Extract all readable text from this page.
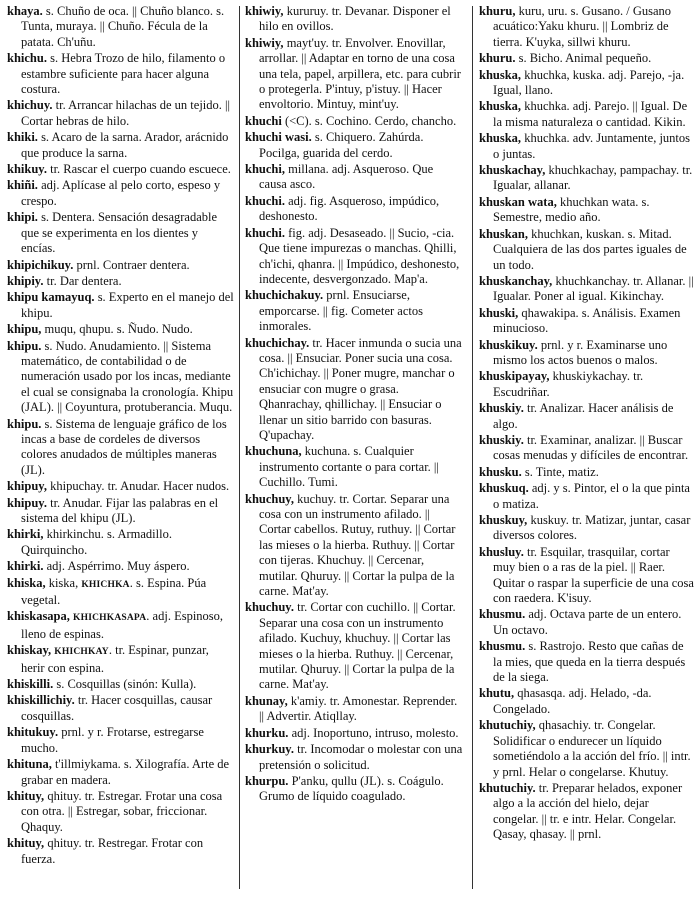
khaya. s. Chuño de oca. || Chuño blanco. s. Tunta, muraya. || Chuño. Fécula de la patata. Ch'uñu.
khichu. s. Hebra Trozo de hilo, filamento o estambre suficiente para hacer alguna costura.
khichuy. tr. Arrancar hilachas de un tejido. || Cortar hebras de hilo.
khiki. s. Acaro de la sarna. Arador, arácnido que produce la sarna.
khikuy. tr. Rascar el cuerpo cuando escuece.
khiñi. adj. Aplícase al pelo corto, espeso y crespo.
khipi. s. Dentera. Sensación desagradable que se experimenta en los dientes y encías.
khipichikuy. prnl. Contraer dentera.
khipiy. tr. Dar dentera.
khipu kamayuq. s. Experto en el manejo del khipu.
khipu, muqu, qhupu. s. Ñudo. Nudo.
khipu. s. Nudo. Anudamiento. || Sistema matemático, de contabilidad o de numeración usado por los incas, mediante el cual se consignaba la cronología. Khipu (JAL). || Coyuntura, protuberancia. Muqu.
khipu. s. Sistema de lenguaje gráfico de los incas a base de cordeles de diversos colores anudados de múltiples maneras (JL).
khipuy, khipuchay. tr. Anudar. Hacer nudos.
khipuy. tr. Anudar. Fijar las palabras en el sistema del khipu (JL).
khirki, khirkinchu. s. Armadillo. Quirquincho.
khirki. adj. Aspérrimo. Muy áspero.
khiska, kiska, KHICHKA. s. Espina. Púa vegetal.
khiskasapa, KHICHKASAPA. adj. Espinoso, lleno de espinas.
khiskay, KHICHKAY. tr. Espinar, punzar, herir con espina.
khiskilli. s. Cosquillas (sinón: Kulla).
khiskillichiy. tr. Hacer cosquillas, causar cosquillas.
khitukuy. prnl. y r. Frotarse, estregarse mucho.
khituna, t'illmiykama. s. Xilografía. Arte de grabar en madera.
khituy, qhituy. tr. Estregar. Frotar una cosa con otra. || Estregar, sobar, friccionar. Qhaquy.
khituy, qhituy. tr. Restregar. Frotar con fuerza.
khiwiy, kururuy. tr. Devanar. Disponer el hilo en ovillos.
khiwiy, mayt'uy. tr. Envolver. Enovillar, arrollar. || Adaptar en torno de una cosa una tela, papel, arpillera, etc. para cubrir o protegerla. P'intuy, p'istuy. || Hacer envoltorio. Mintuy, mint'uy.
khuchi (<C). s. Cochino. Cerdo, chancho.
khuchi wasi. s. Chiquero. Zahúrda. Pocilga, guarida del cerdo.
khuchi, millana. adj. Asqueroso. Que causa asco.
khuchi. adj. fig. Asqueroso, impúdico, deshonesto.
khuchi. fig. adj. Desaseado. || Sucio, -cia. Que tiene impurezas o manchas. Qhilli, ch'ichi, qhanra. || Impúdico, deshonesto, indecente, desvergonzado. Map'a.
khuchichakuy. prnl. Ensuciarse, emporcarse. || fig. Cometer actos inmorales.
khuchichay. tr. Hacer inmunda o sucia una cosa. || Ensuciar. Poner sucia una cosa. Ch'ichichay. || Poner mugre, manchar o ensuciar con mugre o grasa. Qhanrachay, qhillichay. || Ensuciar o llenar un sitio barrido con basuras. Q'upachay.
khuchuna, kuchuna. s. Cualquier instrumento cortante o para cortar. || Cuchillo. Tumi.
khuchuy, kuchuy. tr. Cortar. Separar una cosa con un instrumento afilado. || Cortar cabellos. Rutuy, ruthuy. || Cortar las mieses o la hierba. Ruthuy. || Cortar con tijeras. Khuchuy. || Cercenar, mutilar. Qhuruy. || Cortar la pulpa de la carne. Mat'ay.
khuchuy. tr. Cortar con cuchillo. || Cortar. Separar una cosa con un instrumento afilado. Kuchuy, khuchuy. || Cortar las mieses o la hierba. Ruthuy. || Cercenar, mutilar. Qhuruy. || Cortar la pulpa de la carne. Mat'ay.
khunay, k'amiy. tr. Amonestar. Reprender. || Advertir. Atiqllay.
khurku. adj. Inoportuno, intruso, molesto.
khurkuy. tr. Incomodar o molestar con una pretensión o solicitud.
khurpu. P'anku, qullu (JL). s. Coágulo. Grumo de líquido coagulado.
khuru, kuru, uru. s. Gusano. / Gusano acuático:Yaku khuru. || Lombriz de tierra. K'uyka, sillwi khuru.
khuru. s. Bicho. Animal pequeño.
khuska, khuchka, kuska. adj. Parejo, -ja. Igual, llano.
khuska, khuchka. adj. Parejo. || Igual. De la misma naturaleza o cantidad. Kikin.
khuska, khuchka. adv. Juntamente, juntos o juntas.
khuskachay, khuchkachay, pampachay. tr. Igualar, allanar.
khuskan wata, khuchkan wata. s. Semestre, medio año.
khuskan, khuchkan, kuskan. s. Mitad. Cualquiera de las dos partes iguales de un todo.
khuskanchay, khuchkanchay. tr. Allanar. || Igualar. Poner al igual. Kikinchay.
khuski, qhawakipa. s. Análisis. Examen minucioso.
khuskikuy. prnl. y r. Examinarse uno mismo los actos buenos o malos.
khuskipayay, khuskiykachay. tr. Escudriñar.
khuskiy. tr. Analizar. Hacer análisis de algo.
khuskiy. tr. Examinar, analizar. || Buscar cosas menudas y difíciles de encontrar.
khusku. s. Tinte, matiz.
khuskuq. adj. y s. Pintor, el o la que pinta o matiza.
khuskuy, kuskuy. tr. Matizar, juntar, casar diversos colores.
khusluy. tr. Esquilar, trasquilar, cortar muy bien o a ras de la piel. || Raer. Quitar o raspar la superficie de una cosa con raedera. K'isuy.
khusmu. adj. Octava parte de un entero. Un octavo.
khusmu. s. Rastrojo. Resto que cañas de la mies, que queda en la tierra después de la siega.
khutu, qhasasqa. adj. Helado, -da. Congelado.
khutuchiy, qhasachiy. tr. Congelar. Solidificar o endurecer un líquido sometiéndolo a la acción del frío. || intr. y prnl. Helar o congelarse. Khutuy.
khutuchiy. tr. Preparar helados, exponer algo a la acción del hielo, dejar congelar. || tr. e intr. Helar. Congelar. Qasay, qhasay. || prnl.
